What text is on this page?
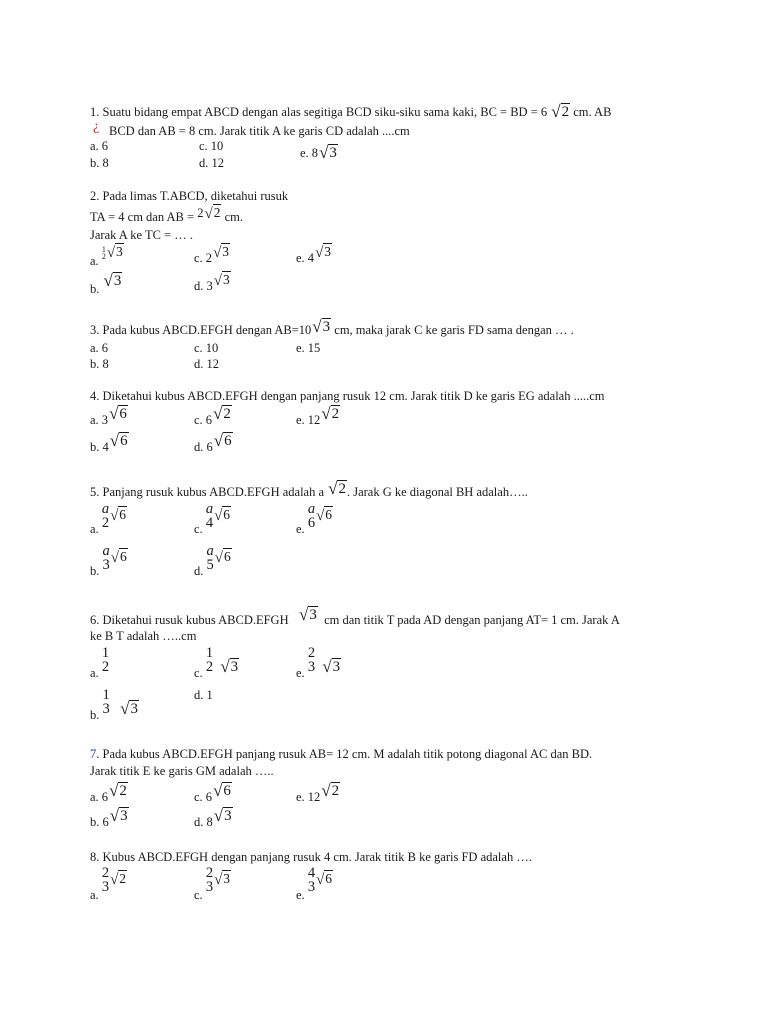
1. Suatu bidang empat ABCD dengan alas segitiga BCD siku-siku sama kaki, BC = BD = 6 √2 cm. AB
¿ BCD dan AB = 8 cm. Jarak titik A ke garis CD adalah ....cm
a. 6
b. 8
c. 10
d. 12
e. 8√3
2. Pada limas T.ABCD, diketahui rusuk
TA = 4 cm dan AB = 2√2 cm.
Jarak A ke TC = … .
a.
1
2 √3
b. √3
c. 2√3
d. 3√3
e. 4√3
3. Pada kubus ABCD.EFGH dengan AB=10√3 cm, maka jarak C ke garis FD sama dengan … .
a. 6
b. 8
c. 10
d. 12
e. 15
4. Diketahui kubus ABCD.EFGH dengan panjang rusuk 12 cm. Jarak titik D ke garis EG adalah .....cm
a. 3√6
b. 4√6
c. 6√2
d. 6√6
e. 12√2
5. Panjang rusuk kubus ABCD.EFGH adalah a √2. Jarak G ke diagonal BH adalah…..
a.
a
2 √6
b.
a
3 √6
c.
a
4 √6
d.
a
5 √6
e.
a
6 √6
6. Diketahui rusuk kubus ABCD.EFGH √3 cm dan titik T pada AD dengan panjang AT= 1 cm. Jarak A
ke B T adalah …..cm
a.
1
2
b.
1
3 √3
c.
1
2 √3
d. 1
e.
2
3 √3
7. Pada kubus ABCD.EFGH panjang rusuk AB= 12 cm. M adalah titik potong diagonal AC dan BD.
Jarak titik E ke garis GM adalah …..
a. 6√2
b. 6√3
c. 6√6
d. 8√3
e. 12√2
8. Kubus ABCD.EFGH dengan panjang rusuk 4 cm. Jarak titik B ke garis FD adalah ….
a.
2
3 √2
c.
2
3 √3
e.
4
3 √6
